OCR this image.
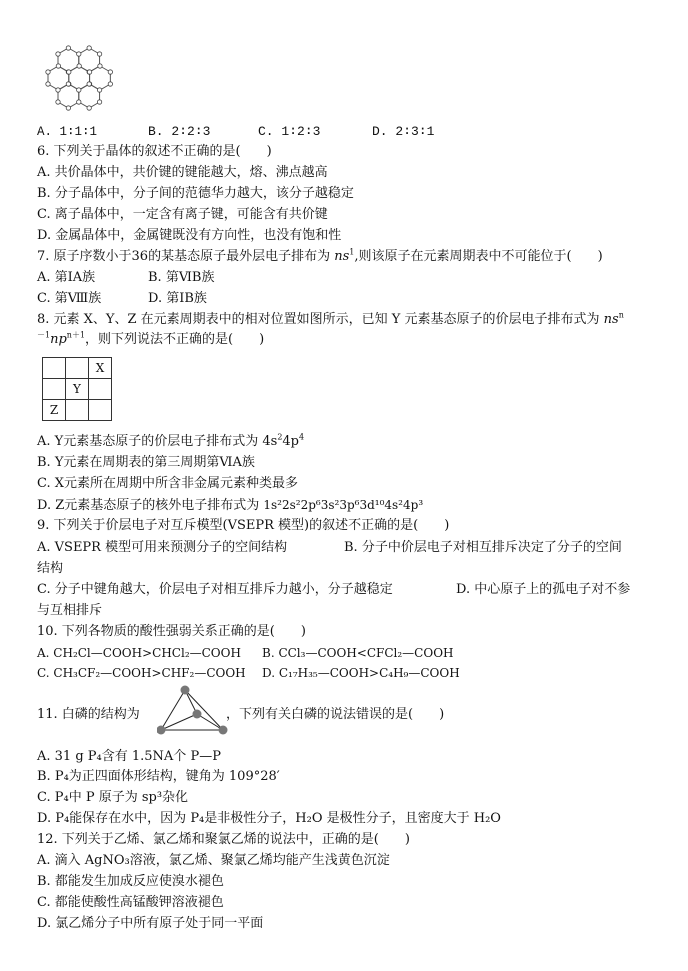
A. 1∶1∶1	B. 2∶2∶3	C. 1∶2∶3	D. 2∶3∶1
6. 下列关于晶体的叙述不正确的是(　　)
A. 共价晶体中，共价键的键能越大，熔、沸点越高
B. 分子晶体中，分子间的范德华力越大，该分子越稳定
C. 离子晶体中，一定含有离子键，可能含有共价键
D. 金属晶体中，金属键既没有方向性，也没有饱和性
7. 原子序数小于36的某基态原子最外层电子排布为 $ns^1$,则该原子在元素周期表中不可能位于(　　)
A. 第ⅠA族	B. 第ⅥB族
C. 第Ⅷ族	D. 第ⅠB族
8. 元素 X、Y、Z 在元素周期表中的相对位置如图所示，已知 Y 元素基态原子的价层电子排布式为 $ns^n$
$^{-1}np^{n+1}$，则下列说法不正确的是(　　)
		X
	Y	
Z		
A. Y元素基态原子的价层电子排布式为 $4s^24p^4$
B. Y元素在周期表的第三周期第ⅥA族
C. X元素所在周期中所含非金属元素种类最多
D. Z元素基态原子的核外电子排布式为 1s²2s²2p⁶3s²3p⁶3d¹⁰4s²4p³
9. 下列关于价层电子对互斥模型(VSEPR 模型)的叙述不正确的是(　　)
A. VSEPR 模型可用来预测分子的空间结构	B. 分子中价层电子对相互排斥决定了分子的空间
结构
C. 分子中键角越大，价层电子对相互排斥力越小，分子越稳定	D. 中心原子上的孤电子对不参
与互相排斥
10. 下列各物质的酸性强弱关系正确的是(　　)
A. CH₂Cl—COOH>CHCl₂—COOH B. CCl₃—COOH<CFCl₂—COOH
C. CH₃CF₂—COOH>CHF₂—COOH D. C₁₇H₃₅—COOH>C₄H₉—COOH
11. 白磷的结构为	，下列有关白磷的说法错误的是(　　)
A. 31 g P₄含有 1.5NA个 P—P
B. P₄为正四面体形结构，键角为 109°28′
C. P₄中 P 原子为 sp³杂化
D. P₄能保存在水中，因为 P₄是非极性分子，H₂O 是极性分子，且密度大于 H₂O
12. 下列关于乙烯、氯乙烯和聚氯乙烯的说法中，正确的是(　　)
A. 滴入 AgNO₃溶液，氯乙烯、聚氯乙烯均能产生浅黄色沉淀
B. 都能发生加成反应使溴水褪色
C. 都能使酸性高锰酸钾溶液褪色
D. 氯乙烯分子中所有原子处于同一平面
